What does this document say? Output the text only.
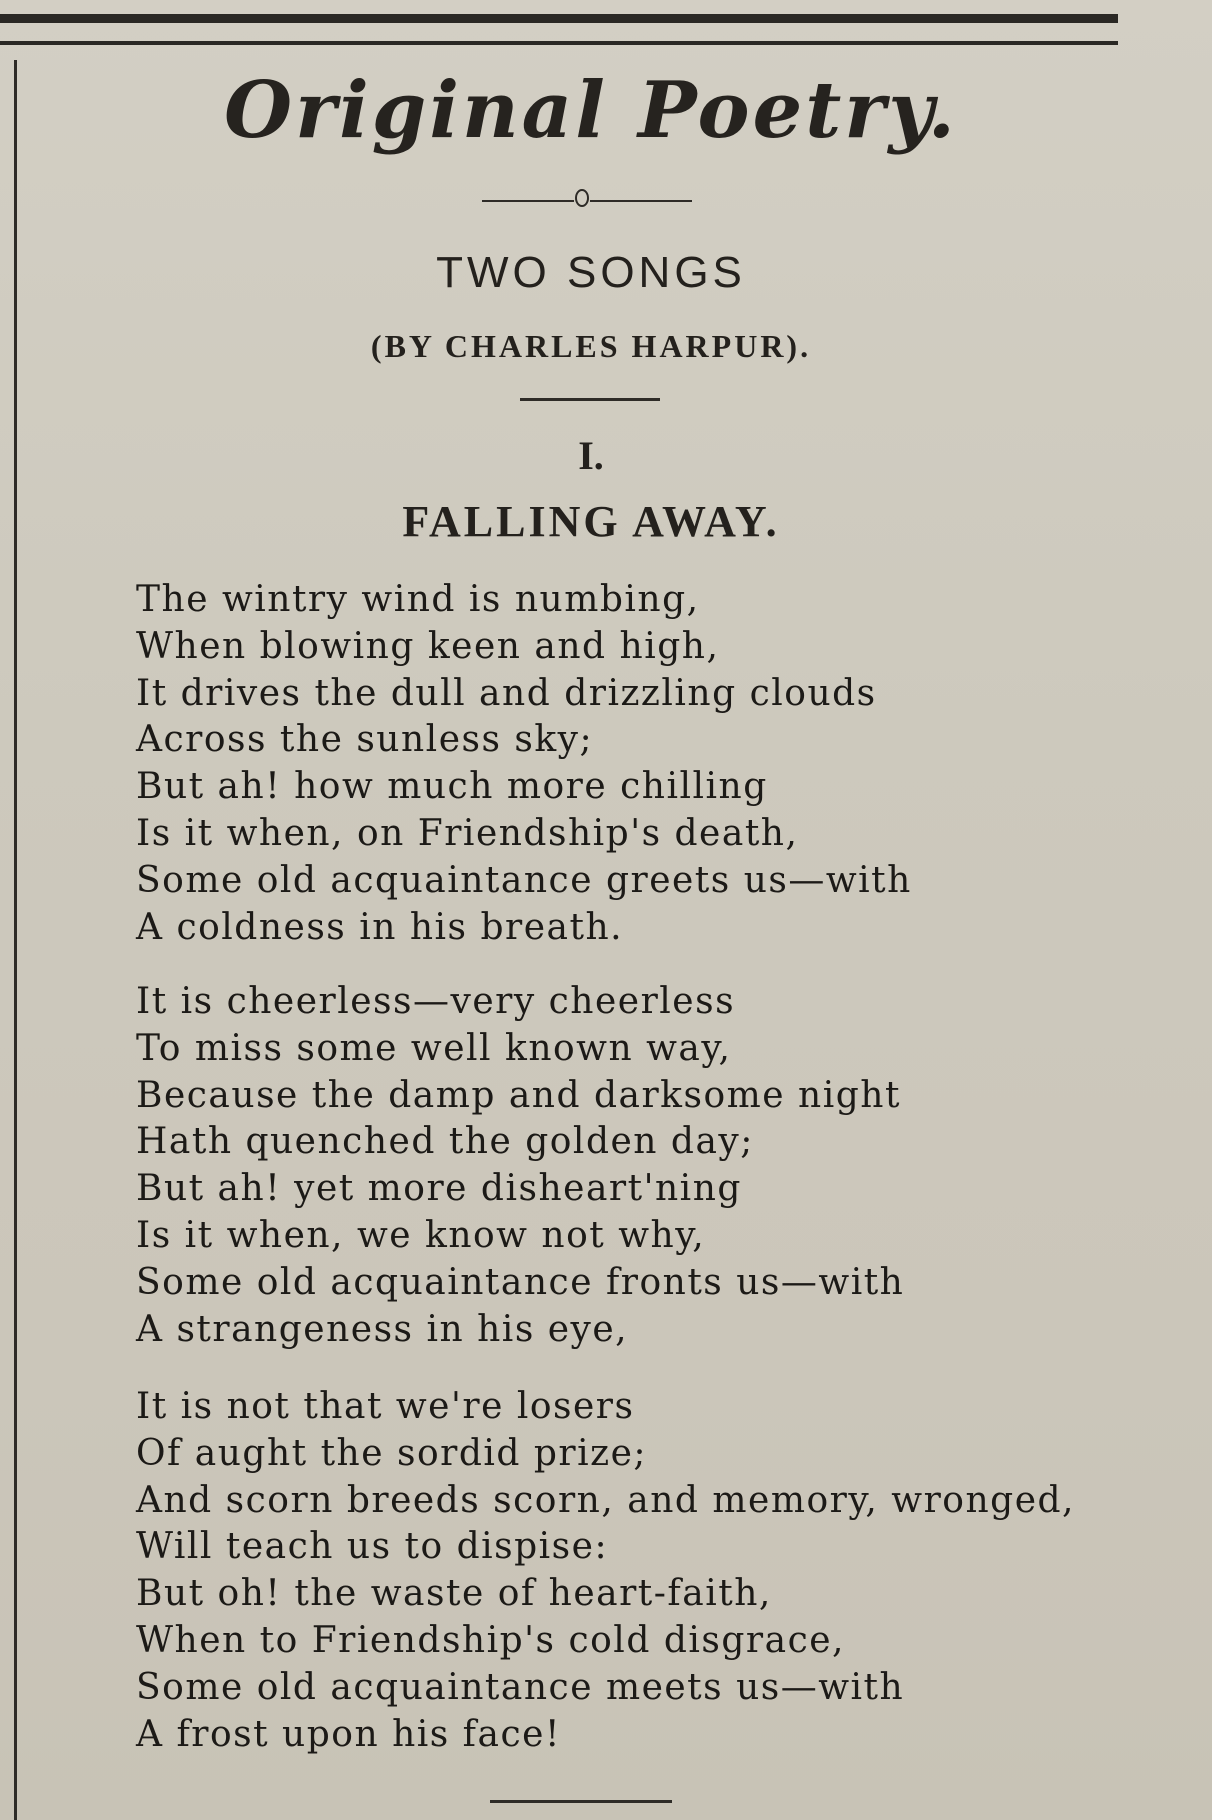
Original Poetry.
TWO SONGS
(BY CHARLES HARPUR).
I.
FALLING AWAY.
The wintry wind is numbing,
When blowing keen and high,
It drives the dull and drizzling clouds
Across the sunless sky;
But ah! how much more chilling
Is it when, on Friendship's death,
Some old acquaintance greets us—with
A coldness in his breath.
It is cheerless—very cheerless
To miss some well known way,
Because the damp and darksome night
Hath quenched the golden day;
But ah! yet more disheart'ning
Is it when, we know not why,
Some old acquaintance fronts us—with
A strangeness in his eye,
It is not that we're losers
Of aught the sordid prize;
And scorn breeds scorn, and memory, wronged,
Will teach us to dispise:
But oh! the waste of heart-faith,
When to Friendship's cold disgrace,
Some old acquaintance meets us—with
A frost upon his face!
